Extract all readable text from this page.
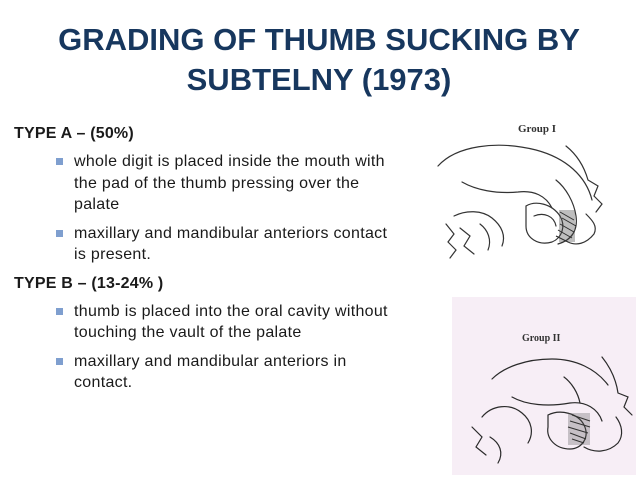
GRADING OF THUMB SUCKING BY
SUBTELNY (1973)
TYPE A – (50%)
whole digit is placed inside the mouth with the pad of the thumb pressing over the palate
maxillary and mandibular anteriors contact is present.
TYPE B – (13-24% )
thumb is placed into the oral cavity without touching the vault of the palate
maxillary and mandibular anteriors in contact.
Group I
Group II
